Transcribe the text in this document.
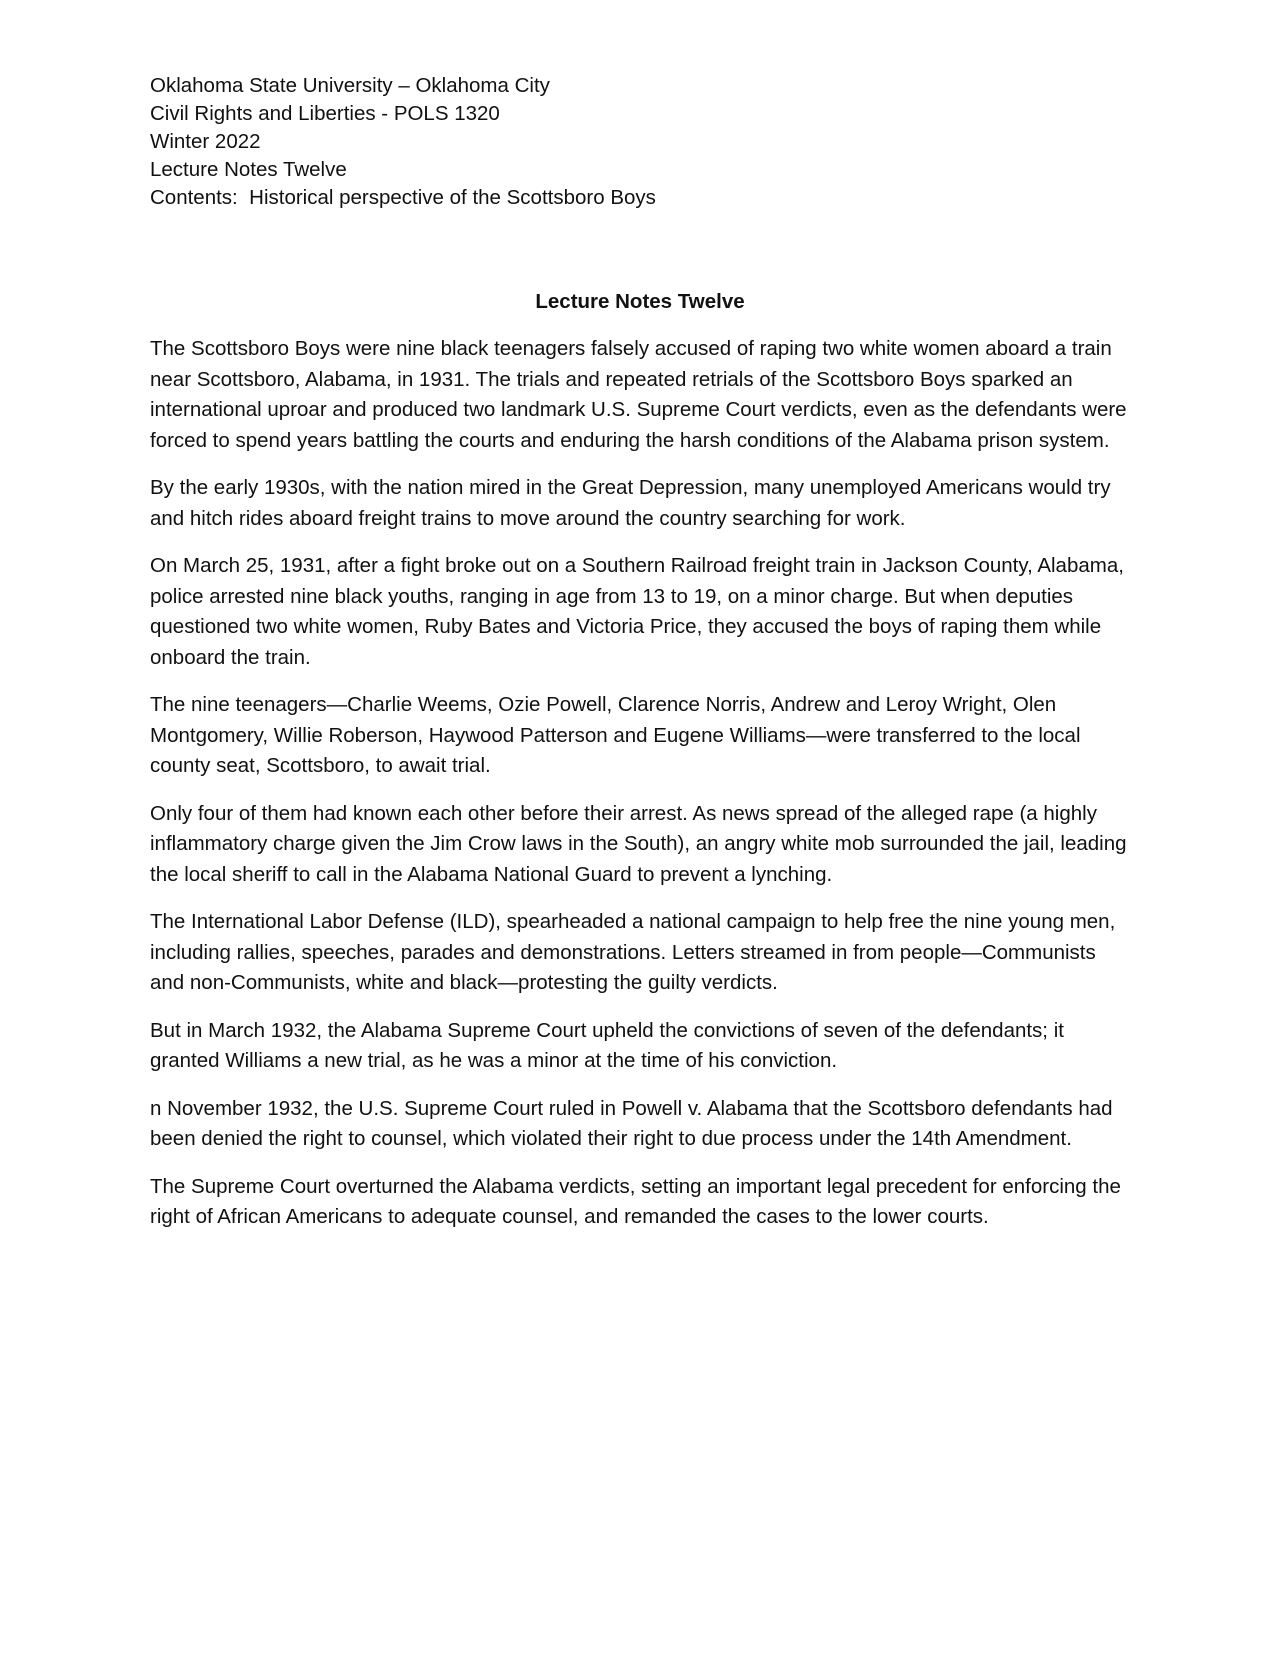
Oklahoma State University – Oklahoma City
Civil Rights and Liberties - POLS 1320
Winter 2022
Lecture Notes Twelve
Contents:  Historical perspective of the Scottsboro Boys
Lecture Notes Twelve

The Scottsboro Boys were nine black teenagers falsely accused of raping two white women aboard a train near Scottsboro, Alabama, in 1931. The trials and repeated retrials of the Scottsboro Boys sparked an international uproar and produced two landmark U.S. Supreme Court verdicts, even as the defendants were forced to spend years battling the courts and enduring the harsh conditions of the Alabama prison system.

By the early 1930s, with the nation mired in the Great Depression, many unemployed Americans would try and hitch rides aboard freight trains to move around the country searching for work.

On March 25, 1931, after a fight broke out on a Southern Railroad freight train in Jackson County, Alabama, police arrested nine black youths, ranging in age from 13 to 19, on a minor charge. But when deputies questioned two white women, Ruby Bates and Victoria Price, they accused the boys of raping them while onboard the train.

The nine teenagers—Charlie Weems, Ozie Powell, Clarence Norris, Andrew and Leroy Wright, Olen Montgomery, Willie Roberson, Haywood Patterson and Eugene Williams—were transferred to the local county seat, Scottsboro, to await trial.

Only four of them had known each other before their arrest. As news spread of the alleged rape (a highly inflammatory charge given the Jim Crow laws in the South), an angry white mob surrounded the jail, leading the local sheriff to call in the Alabama National Guard to prevent a lynching.

The International Labor Defense (ILD), spearheaded a national campaign to help free the nine young men, including rallies, speeches, parades and demonstrations. Letters streamed in from people—Communists and non-Communists, white and black—protesting the guilty verdicts.

But in March 1932, the Alabama Supreme Court upheld the convictions of seven of the defendants; it granted Williams a new trial, as he was a minor at the time of his conviction.

n November 1932, the U.S. Supreme Court ruled in Powell v. Alabama that the Scottsboro defendants had been denied the right to counsel, which violated their right to due process under the 14th Amendment.

The Supreme Court overturned the Alabama verdicts, setting an important legal precedent for enforcing the right of African Americans to adequate counsel, and remanded the cases to the lower courts.
